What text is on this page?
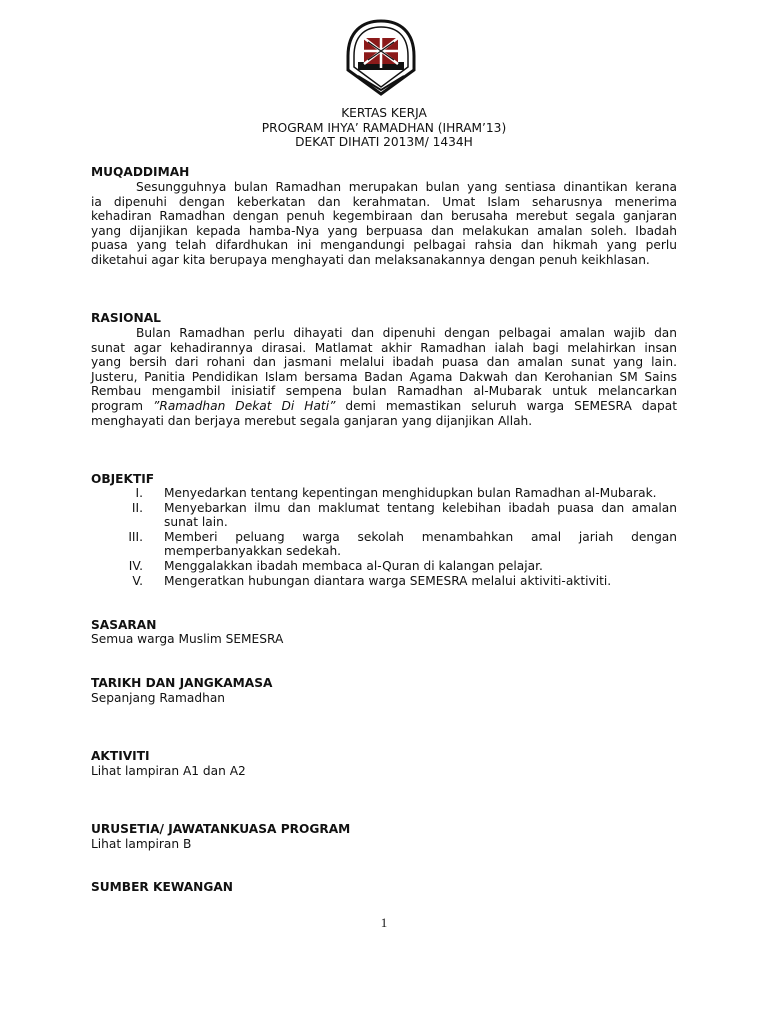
KERTAS KERJA
PROGRAM IHYA’ RAMADHAN (IHRAM’13)
DEKAT DIHATI 2013M/ 1434H
MUQADDIMAH
Sesungguhnya bulan Ramadhan merupakan bulan yang sentiasa dinantikan kerana
ia dipenuhi dengan keberkatan dan kerahmatan. Umat Islam seharusnya menerima
kehadiran Ramadhan dengan penuh kegembiraan dan berusaha merebut segala ganjaran
yang dijanjikan kepada hamba-Nya yang berpuasa dan melakukan amalan soleh. Ibadah
puasa yang telah difardhukan ini mengandungi pelbagai rahsia dan hikmah yang perlu
diketahui agar kita berupaya menghayati dan melaksanakannya dengan penuh keikhlasan.
RASIONAL
Bulan Ramadhan perlu dihayati dan dipenuhi dengan pelbagai amalan wajib dan
sunat agar kehadirannya dirasai. Matlamat akhir Ramadhan ialah bagi melahirkan insan
yang bersih dari rohani dan jasmani melalui ibadah puasa dan amalan sunat yang lain.
Justeru, Panitia Pendidikan Islam bersama Badan Agama Dakwah dan Kerohanian SM Sains
Rembau mengambil inisiatif sempena bulan Ramadhan al-Mubarak untuk melancarkan
program ”Ramadhan Dekat Di Hati” demi memastikan seluruh warga SEMESRA dapat
menghayati dan berjaya merebut segala ganjaran yang dijanjikan Allah.
OBJEKTIF
I.	Menyedarkan tentang kepentingan menghidupkan bulan Ramadhan al-Mubarak.
II.	Menyebarkan ilmu dan maklumat tentang kelebihan ibadah puasa dan amalan sunat lain.
III.	Memberi peluang warga sekolah menambahkan amal jariah dengan memperbanyakkan sedekah.
IV.	Menggalakkan ibadah membaca al-Quran di kalangan pelajar.
V.	Mengeratkan hubungan diantara warga SEMESRA melalui aktiviti-aktiviti.
SASARAN
Semua warga Muslim SEMESRA
TARIKH DAN JANGKAMASA
Sepanjang Ramadhan
AKTIVITI
Lihat lampiran A1 dan A2
URUSETIA/ JAWATANKUASA PROGRAM
Lihat lampiran B
SUMBER KEWANGAN
1
